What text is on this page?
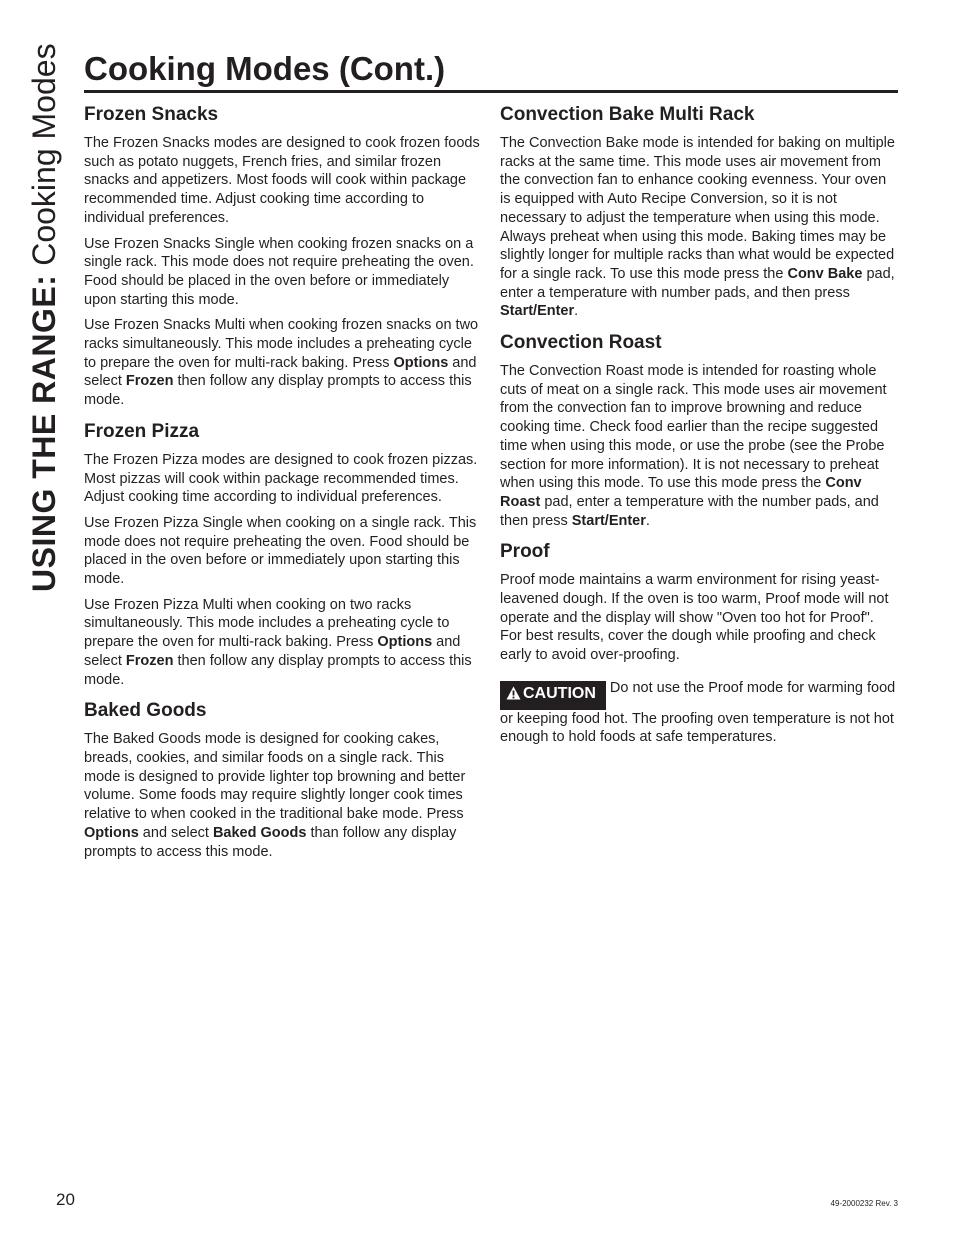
USING THE RANGE: Cooking Modes Cooking Modes (Cont.)
Frozen Snacks

The Frozen Snacks modes are designed to cook frozen foods such as potato nuggets, French fries, and similar frozen snacks and appetizers. Most foods will cook within package recommended time. Adjust cooking time according to individual preferences.

Use Frozen Snacks Single when cooking frozen snacks on a single rack. This mode does not require preheating the oven. Food should be placed in the oven before or immediately upon starting this mode.

Use Frozen Snacks Multi when cooking frozen snacks on two racks simultaneously. This mode includes a preheating cycle to prepare the oven for multi-rack baking. Press Options and select Frozen then follow any display prompts to access this mode.

Frozen Pizza

The Frozen Pizza modes are designed to cook frozen pizzas. Most pizzas will cook within package recommended times. Adjust cooking time according to individual preferences.

Use Frozen Pizza Single when cooking on a single rack. This mode does not require preheating the oven. Food should be placed in the oven before or immediately upon starting this mode.

Use Frozen Pizza Multi when cooking on two racks simultaneously. This mode includes a preheating cycle to prepare the oven for multi-rack baking. Press Options and select Frozen then follow any display prompts to access this mode.

Baked Goods

The Baked Goods mode is designed for cooking cakes, breads, cookies, and similar foods on a single rack. This mode is designed to provide lighter top browning and better volume. Some foods may require slightly longer cook times relative to when cooked in the traditional bake mode. Press Options and select Baked Goods than follow any display prompts to access this mode.

Convection Bake Multi Rack

The Convection Bake mode is intended for baking on multiple racks at the same time. This mode uses air movement from the convection fan to enhance cooking evenness. Your oven is equipped with Auto Recipe Conversion, so it is not necessary to adjust the temperature when using this mode. Always preheat when using this mode. Baking times may be slightly longer for multiple racks than what would be expected for a single rack. To use this mode press the Conv Bake pad, enter a temperature with number pads, and then press Start/Enter.

Convection Roast

The Convection Roast mode is intended for roasting whole cuts of meat on a single rack. This mode uses air movement from the convection fan to improve browning and reduce cooking time. Check food earlier than the recipe suggested time when using this mode, or use the probe (see the Probe section for more information). It is not necessary to preheat when using this mode. To use this mode press the Conv Roast pad, enter a temperature with the number pads, and then press Start/Enter.

Proof

Proof mode maintains a warm environment for rising yeast-leavened dough. If the oven is too warm, Proof mode will not operate and the display will show "Oven too hot for Proof". For best results, cover the dough while proofing and check early to avoid over-proofing.

CAUTION Do not use the Proof mode for warming food or keeping food hot. The proofing oven temperature is not hot enough to hold foods at safe temperatures.
20	49-2000232 Rev. 3
